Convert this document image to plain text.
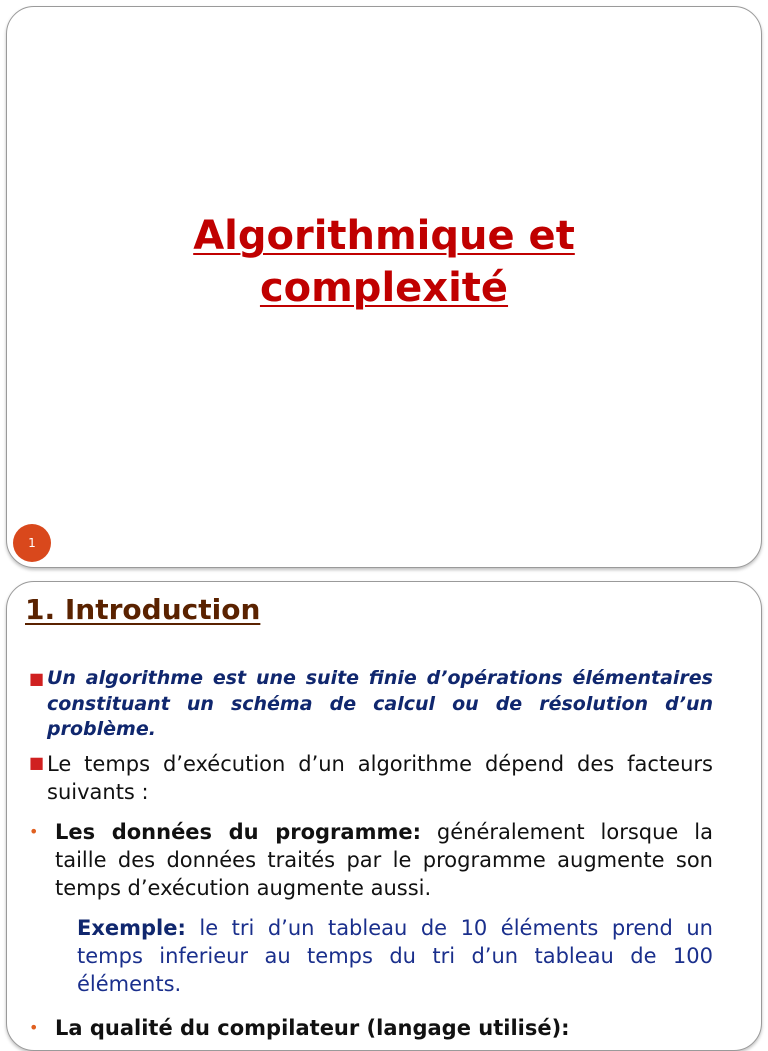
Algorithmique et
complexité
1
1. Introduction
■ Un algorithme est une suite finie d’opérations élémentaires constituant un schéma de calcul ou de résolution d’un problème.
■ Le temps d’exécution d’un algorithme dépend des facteurs suivants :
• Les données du programme: généralement lorsque la taille des données traités par le programme augmente son temps d’exécution augmente aussi.
Exemple: le tri d’un tableau de 10 éléments prend un temps inferieur au temps du tri d’un tableau de 100 éléments.
• La qualité du compilateur (langage utilisé):
